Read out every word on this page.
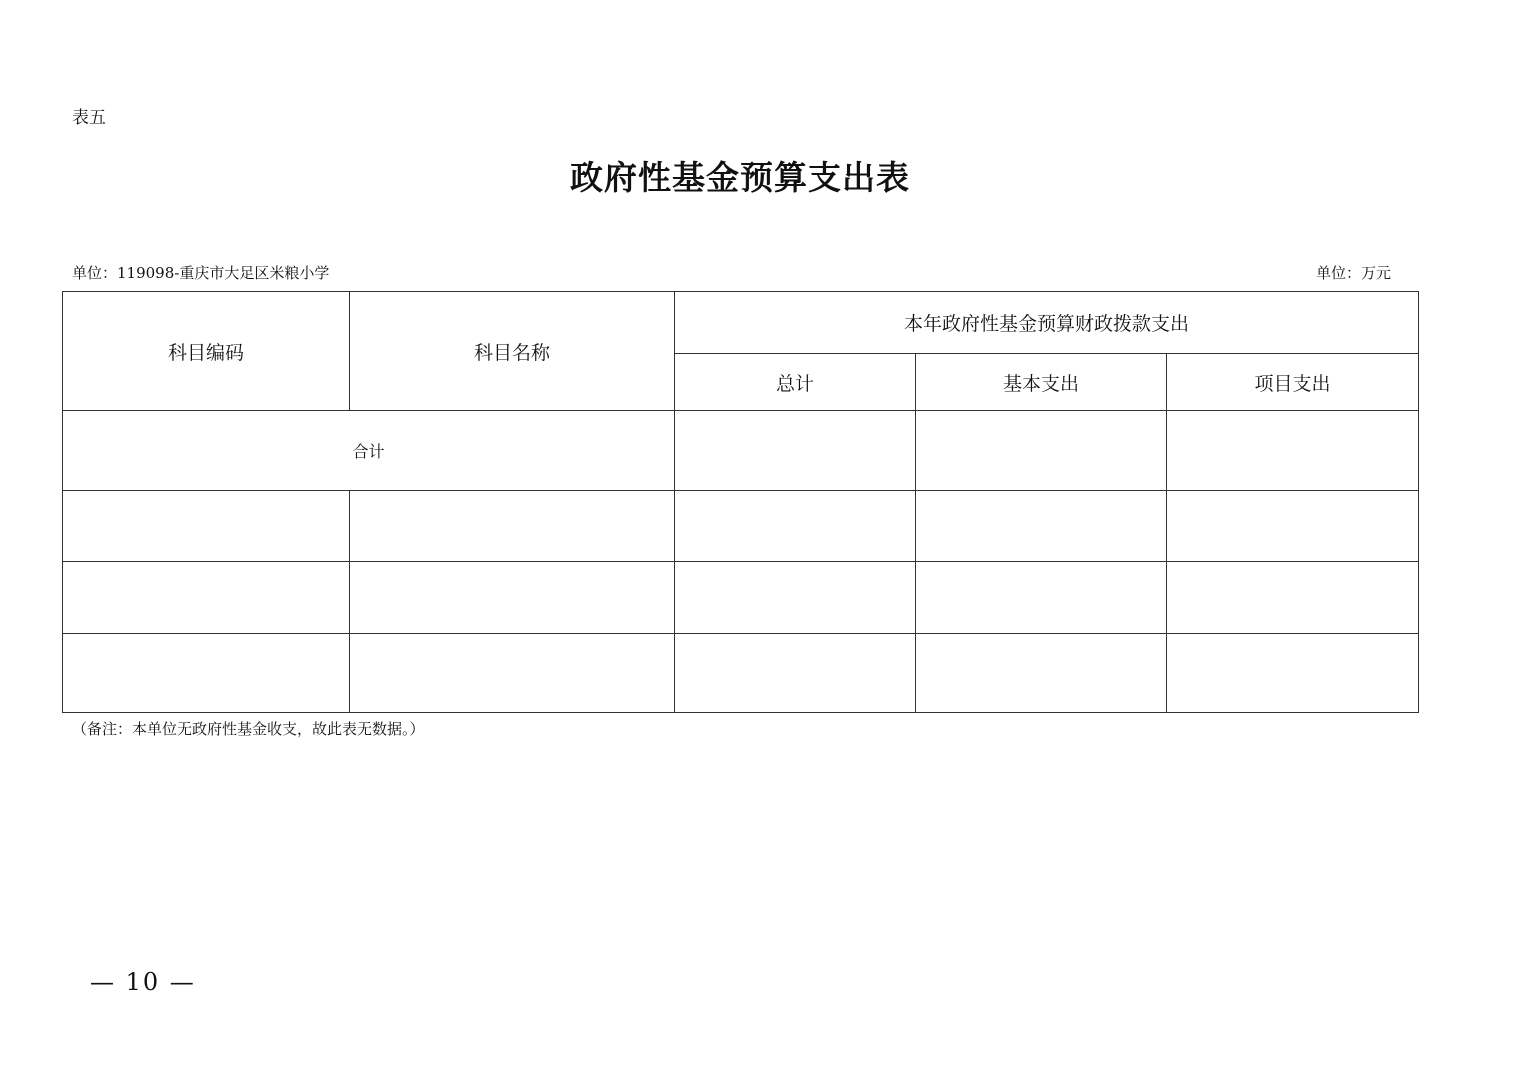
表五
政府性基金预算支出表
单位：119098-重庆市大足区米粮小学	单位：万元
科目编码	科目名称	本年政府性基金预算财政拨款支出		
		总计	基本支出	项目支出
合计				

（备注：本单位无政府性基金收支，故此表无数据。）
— 10 —
